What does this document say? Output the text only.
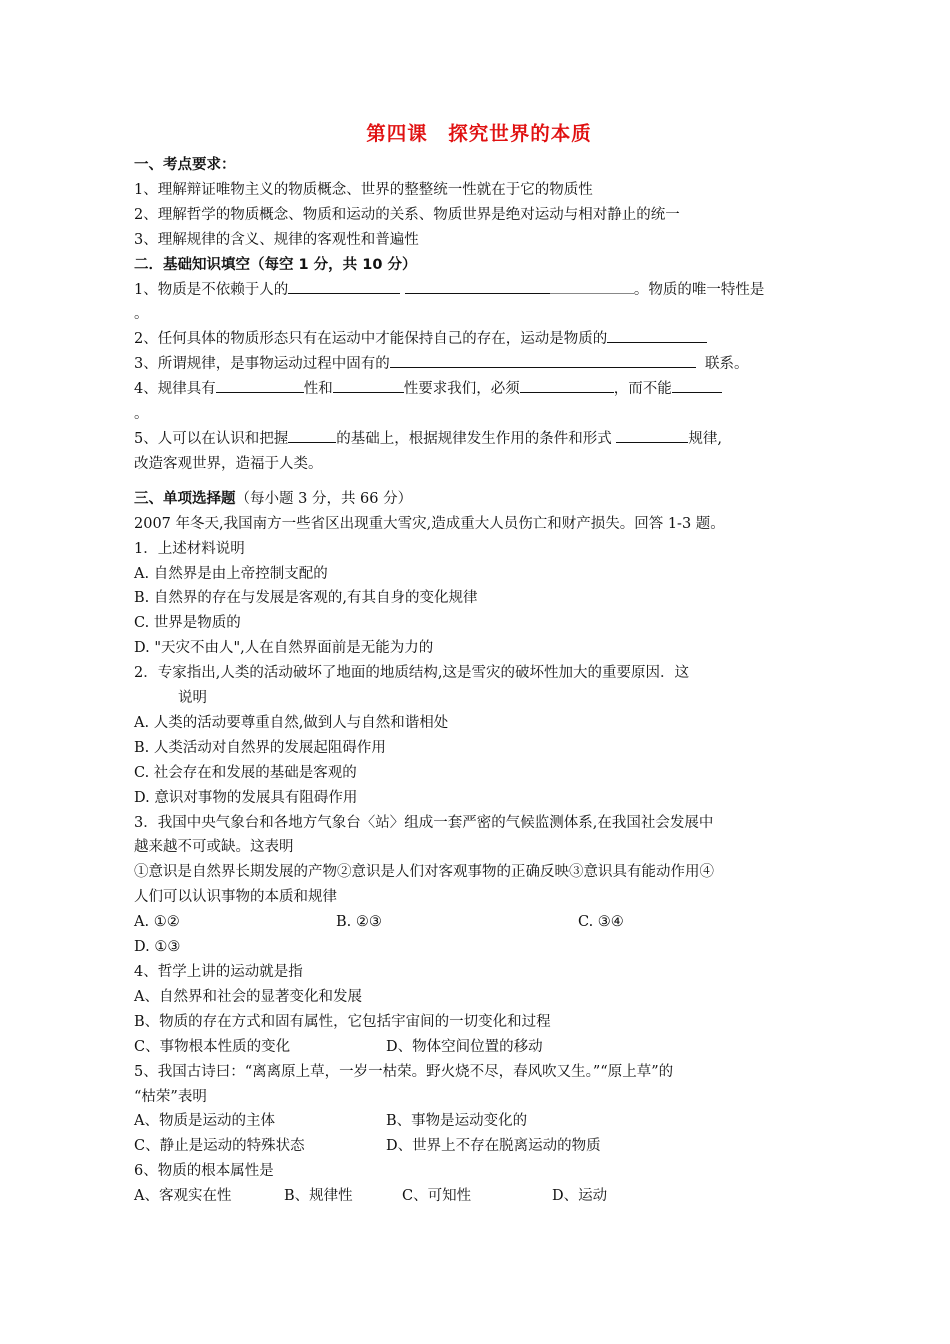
第四课　探究世界的本质
一、考点要求：
1、理解辩证唯物主义的物质概念、世界的整整统一性就在于它的物质性
2、理解哲学的物质概念、物质和运动的关系、物质世界是绝对运动与相对静止的统一
3、理解规律的含义、规律的客观性和普遍性
二．基础知识填空（每空 1 分，共 10 分）
1、物质是不依赖于人的	。物质的唯一特性是
。
2、任何具体的物质形态只有在运动中才能保持自己的存在，运动是物质的
3、所谓规律，是事物运动过程中固有的	联系。
4、规律具有	性和	性要求我们，必须	，而不能
。
5、人可以在认识和把握	的基础上，根据规律发生作用的条件和形式	规律,
改造客观世界，造福于人类。
三、单项选择题（每小题 3 分，共 66 分）
2007 年冬天,我国南方一些省区出现重大雪灾,造成重大人员伤亡和财产损失。回答 1-3 题。
1．上述材料说明
A. 自然界是由上帝控制支配的
B. 自然界的存在与发展是客观的,有其自身的变化规律
C. 世界是物质的
D. "天灾不由人",人在自然界面前是无能为力的
2．专家指出,人类的活动破坏了地面的地质结构,这是雪灾的破坏性加大的重要原因．这
说明
A. 人类的活动要尊重自然,做到人与自然和谐相处
B. 人类活动对自然界的发展起阻碍作用
C. 社会存在和发展的基础是客观的
D. 意识对事物的发展具有阻碍作用
3．我国中央气象台和各地方气象台〈站〉组成一套严密的气候监测体系,在我国社会发展中
越来越不可或缺。这表明
①意识是自然界长期发展的产物②意识是人们对客观事物的正确反映③意识具有能动作用④
人们可以认识事物的本质和规律
A. ①②	B. ②③	C. ③④
D. ①③
4、哲学上讲的运动就是指
A、自然界和社会的显著变化和发展
B、物质的存在方式和固有属性，它包括宇宙间的一切变化和过程
C、事物根本性质的变化	D、物体空间位置的移动
5、我国古诗曰：“离离原上草，一岁一枯荣。野火烧不尽，春风吹又生。”“原上草”的
“枯荣”表明
A、物质是运动的主体	B、事物是运动变化的
C、静止是运动的特殊状态	D、世界上不存在脱离运动的物质
6、物质的根本属性是
A、客观实在性	B、规律性	C、可知性	D、运动
